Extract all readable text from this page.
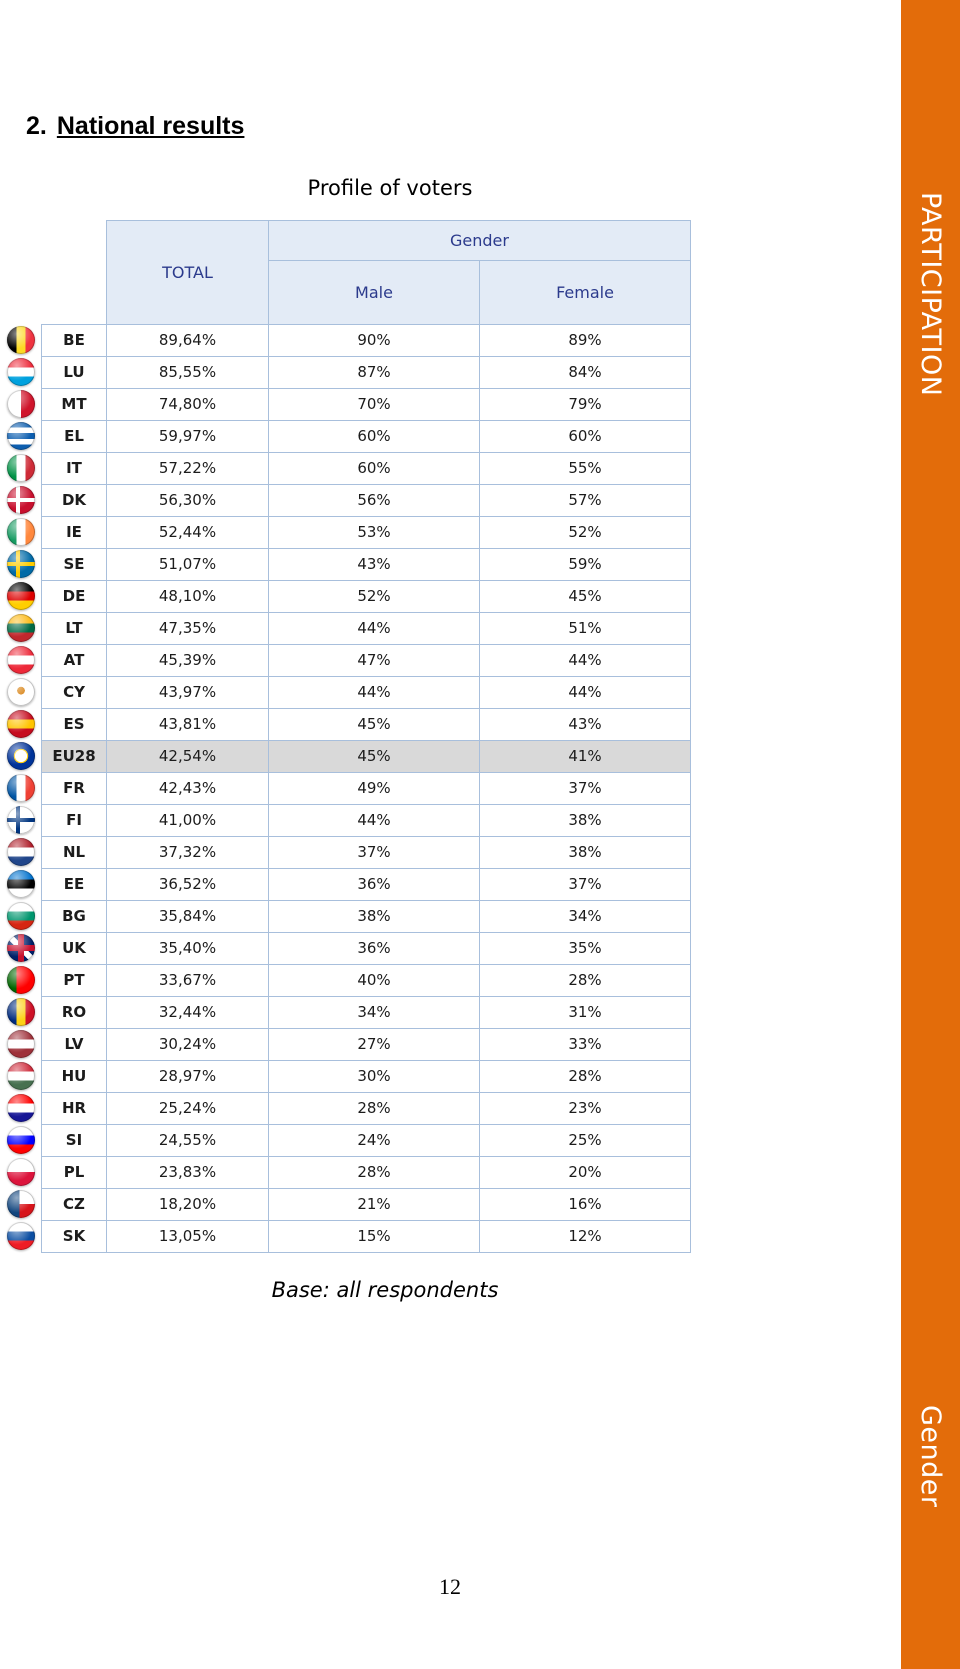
PARTICIPATION
Gender
2. National results
Profile of voters
	TOTAL	Gender	
		Male	Female
BE	89,64%	90%	89%
LU	85,55%	87%	84%
MT	74,80%	70%	79%
EL	59,97%	60%	60%
IT	57,22%	60%	55%
DK	56,30%	56%	57%
IE	52,44%	53%	52%
SE	51,07%	43%	59%
DE	48,10%	52%	45%
LT	47,35%	44%	51%
AT	45,39%	47%	44%
CY	43,97%	44%	44%
ES	43,81%	45%	43%
EU28	42,54%	45%	41%
FR	42,43%	49%	37%
FI	41,00%	44%	38%
NL	37,32%	37%	38%
EE	36,52%	36%	37%
BG	35,84%	38%	34%
UK	35,40%	36%	35%
PT	33,67%	40%	28%
RO	32,44%	34%	31%
LV	30,24%	27%	33%
HU	28,97%	30%	28%
HR	25,24%	28%	23%
SI	24,55%	24%	25%
PL	23,83%	28%	20%
CZ	18,20%	21%	16%
SK	13,05%	15%	12%
Base: all respondents
12
